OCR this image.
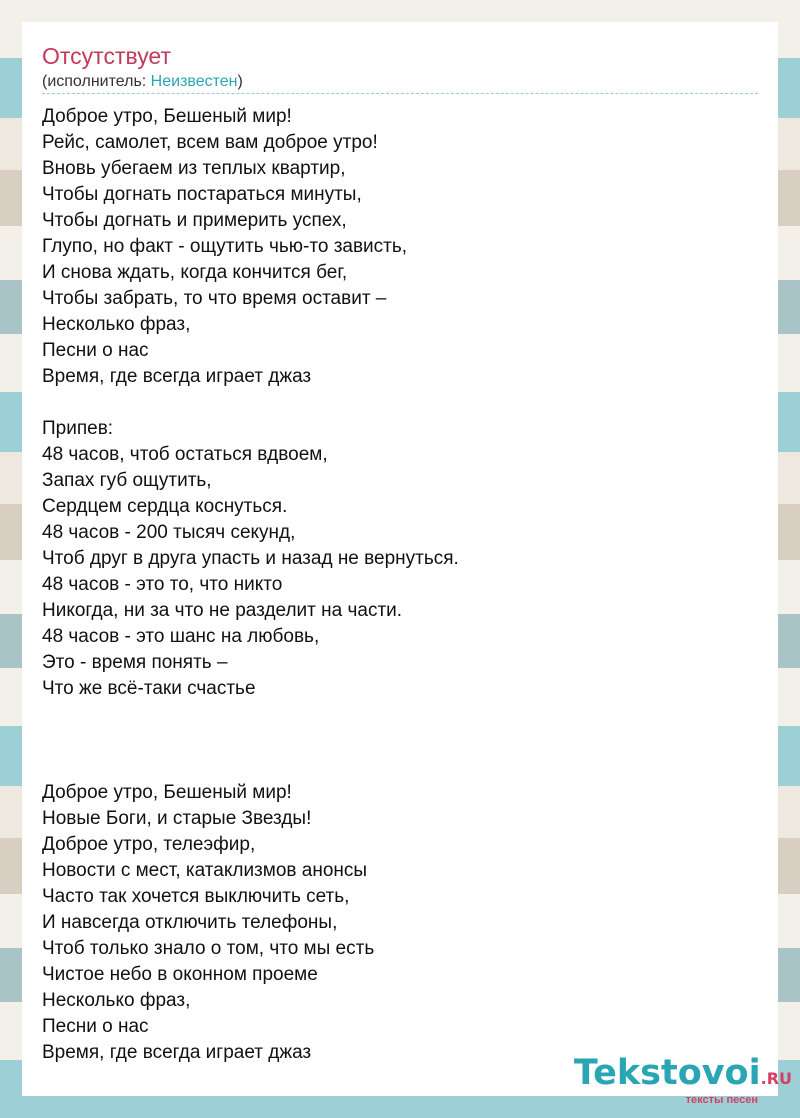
Отсутствует
(исполнитель: Неизвестен)
Доброе утро, Бешеный мир!
Рейс, самолет, всем вам доброе утро!
Вновь убегаем из теплых квартир,
Чтобы догнать постараться минуты,
Чтобы догнать и примерить успех,
Глупо, но факт - ощутить чью-то зависть,
И снова ждать, когда кончится бег,
Чтобы забрать, то что время оставит –
Несколько фраз,
Песни о нас
Время, где всегда играет джаз
Припев:
48 часов, чтоб остаться вдвоем,
Запах губ ощутить,
Сердцем сердца коснуться.
48 часов - 200 тысяч секунд,
Чтоб друг в друга упасть и назад не вернуться.
48 часов - это то, что никто
Никогда, ни за что не разделит на части.
48 часов - это шанс на любовь,
Это - время понять –
Что же всё-таки счастье
Доброе утро, Бешеный мир!
Новые Боги, и старые Звезды!
Доброе утро, телеэфир,
Новости с мест, катаклизмов анонсы
Часто так хочется выключить сеть,
И навсегда отключить телефоны,
Чтоб только знало о том, что мы есть
Чистое небо в оконном проеме
Несколько фраз,
Песни о нас
Время, где всегда играет джаз
Tekstovoi.RU
тексты песен
